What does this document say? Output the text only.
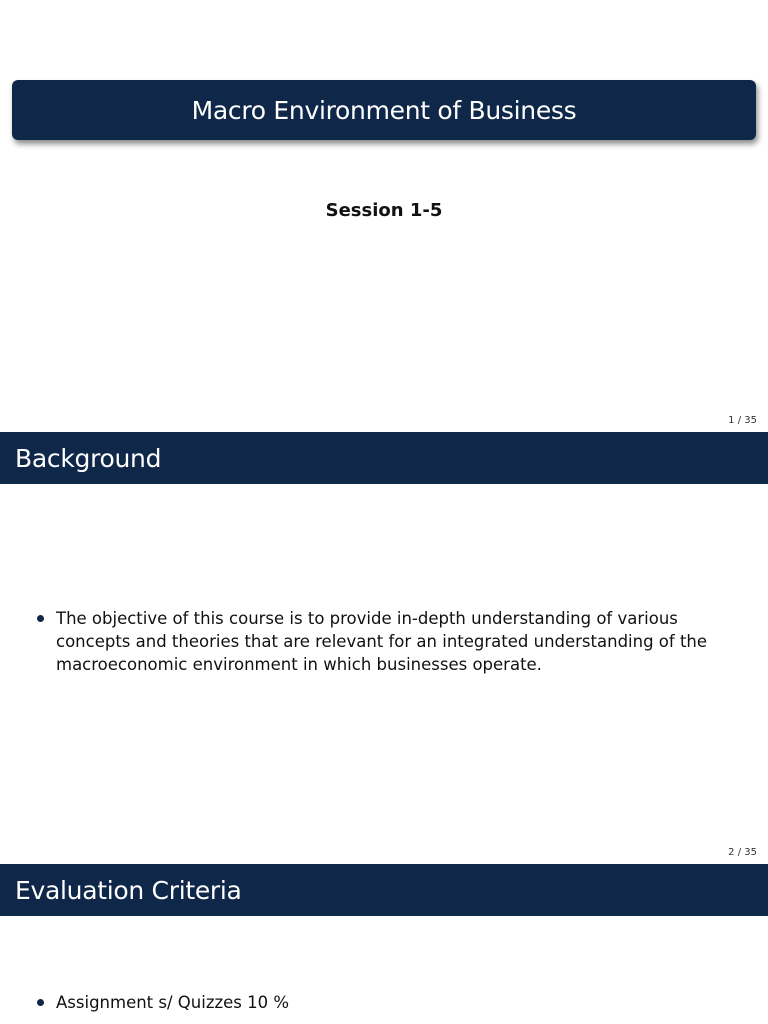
Macro Environment of Business
Session 1-5
1 / 35
Background
The objective of this course is to provide in-depth understanding of various concepts and theories that are relevant for an integrated understanding of the macroeconomic environment in which businesses operate.
2 / 35
Evaluation Criteria
Assignment s/ Quizzes 10 %
